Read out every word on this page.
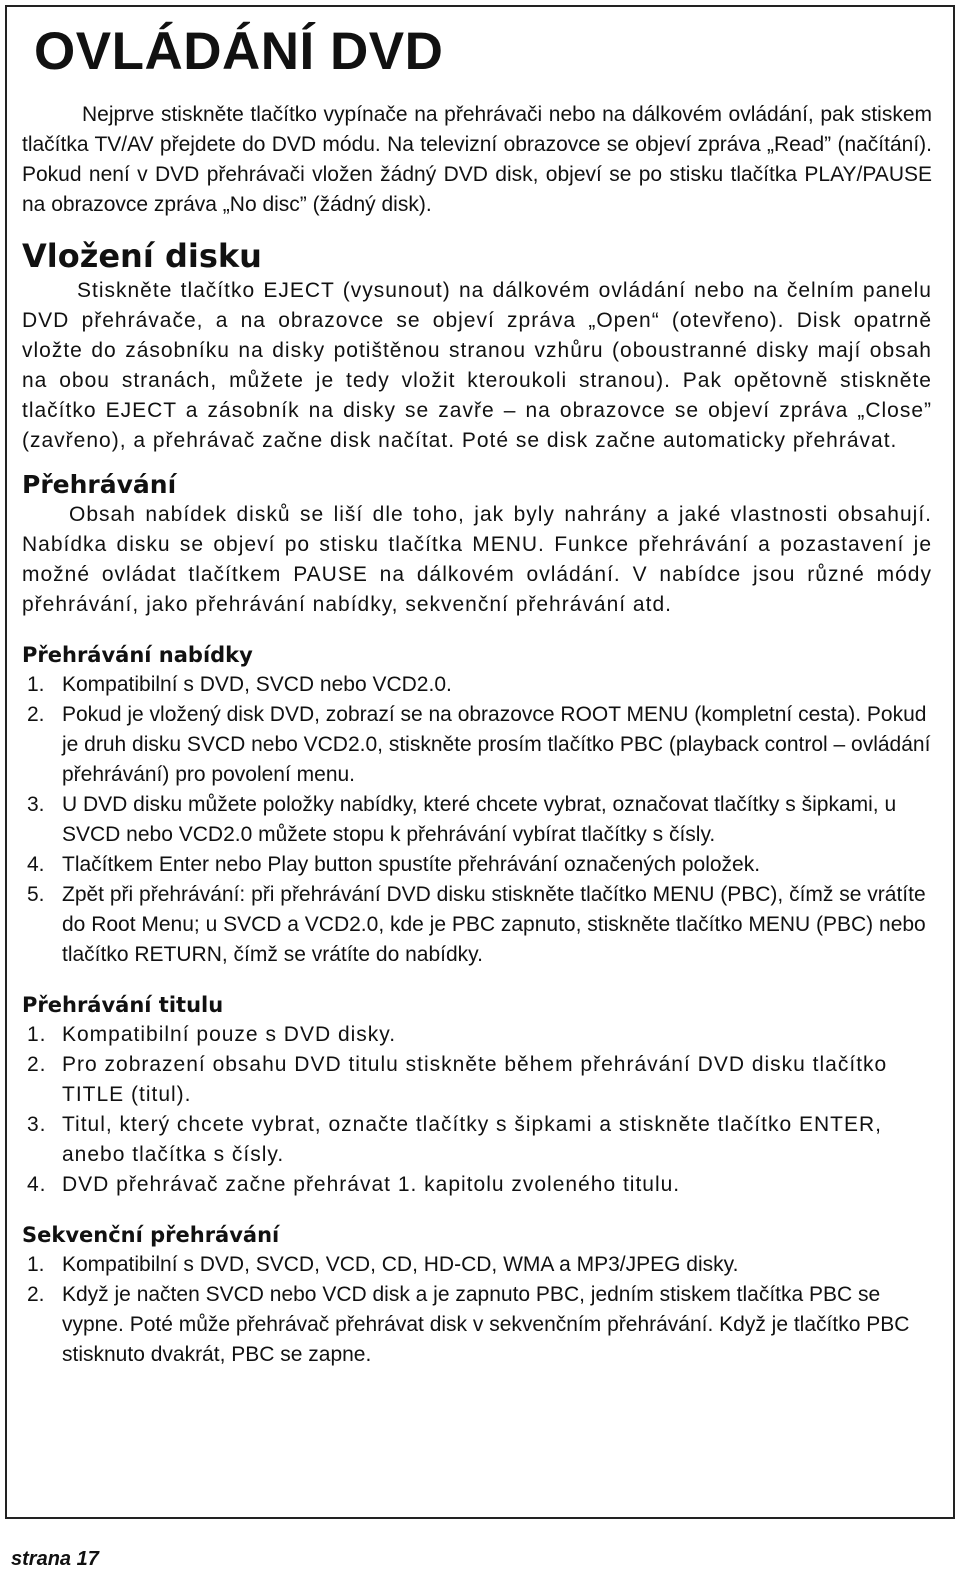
OVLÁDÁNÍ DVD

Nejprve stiskněte tlačítko vypínače na přehrávači nebo na dálkovém ovládání, pak stiskem tlačítka TV/AV přejdete do DVD módu. Na televizní obrazovce se objeví zpráva „Read” (načítání). Pokud není v DVD přehrávači vložen žádný DVD disk, objeví se po stisku tlačítka PLAY/PAUSE na obrazovce zpráva „No disc” (žádný disk).

Vložení disku

Stiskněte tlačítko EJECT (vysunout) na dálkovém ovládání nebo na čelním panelu DVD přehrávače, a na obrazovce se objeví zpráva „Open“ (otevřeno). Disk opatrně vložte do zásobníku na disky potištěnou stranou vzhůru (oboustranné disky mají obsah na obou stranách, můžete je tedy vložit kteroukoli stranou). Pak opětovně stiskněte tlačítko EJECT a zásobník na disky se zavře – na obrazovce se objeví zpráva „Close” (zavřeno), a přehrávač začne disk načítat. Poté se disk začne automaticky přehrávat.

Přehrávání

Obsah nabídek disků se liší dle toho, jak byly nahrány a jaké vlastnosti obsahují. Nabídka disku se objeví po stisku tlačítka MENU. Funkce přehrávání a pozastavení je možné ovládat tlačítkem PAUSE na dálkovém ovládání. V nabídce jsou různé módy přehrávání, jako přehrávání nabídky, sekvenční přehrávání atd.

Přehrávání nabídky
1. Kompatibilní s DVD, SVCD nebo VCD2.0.
2. Pokud je vložený disk DVD, zobrazí se na obrazovce ROOT MENU (kompletní cesta). Pokud je druh disku SVCD nebo VCD2.0, stiskněte prosím tlačítko PBC (playback control – ovládání přehrávání) pro povolení menu.
3. U DVD disku můžete položky nabídky, které chcete vybrat, označovat tlačítky s šipkami, u SVCD nebo VCD2.0 můžete stopu k přehrávání vybírat tlačítky s čísly.
4. Tlačítkem Enter nebo Play button spustíte přehrávání označených položek.
5. Zpět při přehrávání: při přehrávání DVD disku stiskněte tlačítko MENU (PBC), čímž se vrátíte do Root Menu; u SVCD a VCD2.0, kde je PBC zapnuto, stiskněte tlačítko MENU (PBC) nebo tlačítko RETURN, čímž se vrátíte do nabídky.
Přehrávání titulu
1. Kompatibilní pouze s DVD disky.
2. Pro zobrazení obsahu DVD titulu stiskněte během přehrávání DVD disku tlačítko TITLE (titul).
3. Titul, který chcete vybrat, označte tlačítky s šipkami a stiskněte tlačítko ENTER, anebo tlačítka s čísly.
4. DVD přehrávač začne přehrávat 1. kapitolu zvoleného titulu.
Sekvenční přehrávání
1. Kompatibilní s DVD, SVCD, VCD, CD, HD-CD, WMA a MP3/JPEG disky.
2. Když je načten SVCD nebo VCD disk a je zapnuto PBC, jedním stiskem tlačítka PBC se vypne. Poté může přehrávač přehrávat disk v sekvenčním přehrávání. Když je tlačítko PBC stisknuto dvakrát, PBC se zapne.
strana 17
